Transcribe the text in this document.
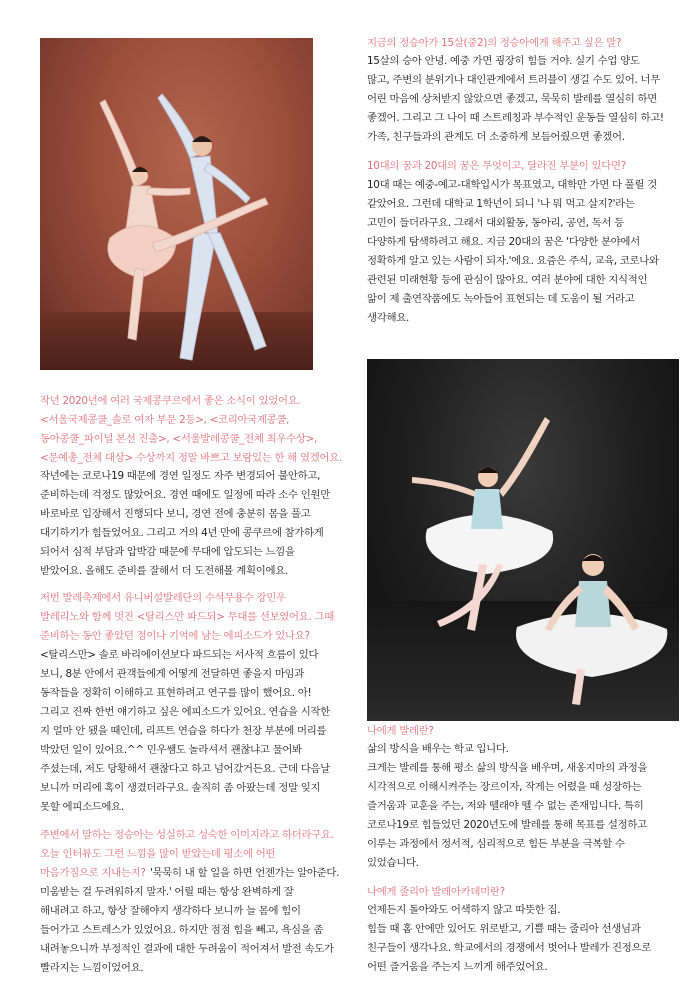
지금의 정승아가 15살(중2)의 정승아에게 해주고 싶은 말?
15살의 승아 안녕. 예중 가면 굉장히 힘들 거야. 실기 수업 양도
많고, 주변의 분위기나 대인관계에서 트러블이 생길 수도 있어. 너무
어린 마음에 상처받지 않았으면 좋겠고, 묵묵히 발레를 열심히 하면
좋겠어. 그리고 그 나이 때 스트레칭과 부수적인 운동들 열심히 하고!
가족, 친구들과의 관계도 더 소중하게 보듬어줬으면 좋겠어.
10대의 꿈과 20대의 꿈은 무엇이고, 달라진 부분이 있다면?
10대 때는 예중-예고-대학입시가 목표였고, 대학만 가면 다 풀릴 것
같았어요. 그런데 대학교 1학년이 되니 '나 뭐 먹고 살지?'라는
고민이 들더라구요. 그래서 대외활동, 동아리, 공연, 독서 등
다양하게 탐색하려고 해요. 지금 20대의 꿈은 '다양한 분야에서
정확하게 알고 있는 사람이 되자.'에요. 요즘은 주식, 교육, 코로나와
관련된 미래현황 등에 관심이 많아요. 여러 분야에 대한 지식적인
앎이 제 출연작품에도 녹아들어 표현되는 데 도움이 될 거라고
생각해요.
나에게 발레란?
삶의 방식을 배우는 학교 입니다.
크게는 발레를 통해 평소 삶의 방식을 배우며, 새옹지마의 과정을
시각적으로 이해시켜주는 장르이자, 작게는 어렸을 때 성장하는
즐거움과 교훈을 주는, 저와 뗄래야 뗄 수 없는 존재입니다. 특히
코로나19로 힘들었던 2020년도에 발레를 통해 목표를 설정하고
이루는 과정에서 정서적, 심리적으로 힘든 부분을 극복할 수
있었습니다.
나에게 줄리아 발레아카데미란?
언제든지 돌아와도 어색하지 않고 따뜻한 집.
힘들 때 홈 안에만 있어도 위로받고, 기쁠 때는 줄리아 선생님과
친구들이 생각나요. 학교에서의 경쟁에서 벗어나 발레가 진정으로
어떤 즐거움을 주는지 느끼게 해주었어요.
작년 2020년에 여러 국제콩쿠르에서 좋은 소식이 있었어요.
<서울국제콩쿨_솔로 여자 부문 2등>, <코리아국제콩쿨,
동아콩쿨_파이널 본선 진출>, <서울발레콩쿨_전체 최우수상>,
<문예총_전체 대상> 수상까지 정말 바쁘고 보람있는 한 해 였겠어요.
작년에는 코로나19 때문에 경연 일정도 자주 변경되어 불안하고,
준비하는데 걱정도 많았어요. 경연 때에도 일정에 따라 소수 인원만
바로바로 입장해서 진행되다 보니, 경연 전에 충분히 몸을 풀고
대기하기가 힘들었어요. 그리고 거의 4년 만에 콩쿠르에 참가하게
되어서 심적 부담과 압박감 때문에 무대에 압도되는 느낌을
받았어요. 올해도 준비를 잘해서 더 도전해볼 계획이에요.
저번 발레축제에서 유니버설발레단의 수석무용수 강민우
발레리노와 함께 멋진 <탈리스만 파드되> 무대를 선보였어요. 그때
준비하는 동안 좋았던 점이나 기억에 남는 에피소드가 있나요?
<탈리스만> 솔로 바리에이션보다 파드되는 서사적 흐름이 있다
보니, 8분 안에서 관객들에게 어떻게 전달하면 좋을지 마임과
동작들을 정확히 이해하고 표현하려고 연구를 많이 했어요. 아!
그리고 진짜 한번 얘기하고 싶은 에피소드가 있어요. 연습을 시작한
지 얼마 안 됐을 때인데, 리프트 연습을 하다가 천장 부분에 머리를
박았던 일이 있어요.^^ 민우쌤도 놀라셔서 괜찮냐고 물어봐
주셨는데, 저도 당황해서 괜찮다고 하고 넘어갔거든요. 근데 다음날
보니까 머리에 혹이 생겼더라구요. 솔직히 좀 아팠는데 정말 잊지
못할 에피소드에요.
주변에서 말하는 정승아는 성실하고 성숙한 이미지라고 하더라구요.
오늘 인터뷰도 그런 느낌을 많이 받았는데 평소에 어떤
마음가짐으로 지내는지? '묵묵히 내 할 일을 하면 언젠가는 알아준다.
미움받는 걸 두려워하지 말자.' 어릴 때는 항상 완벽하게 잘
해내려고 하고, 항상 잘해야지 생각하다 보니까 늘 몸에 힘이
들어가고 스트레스가 있었어요. 하지만 점점 힘을 빼고, 욕심을 좀
내려놓으니까 부정적인 결과에 대한 두려움이 적어져서 발전 속도가
빨라지는 느낌이었어요.
